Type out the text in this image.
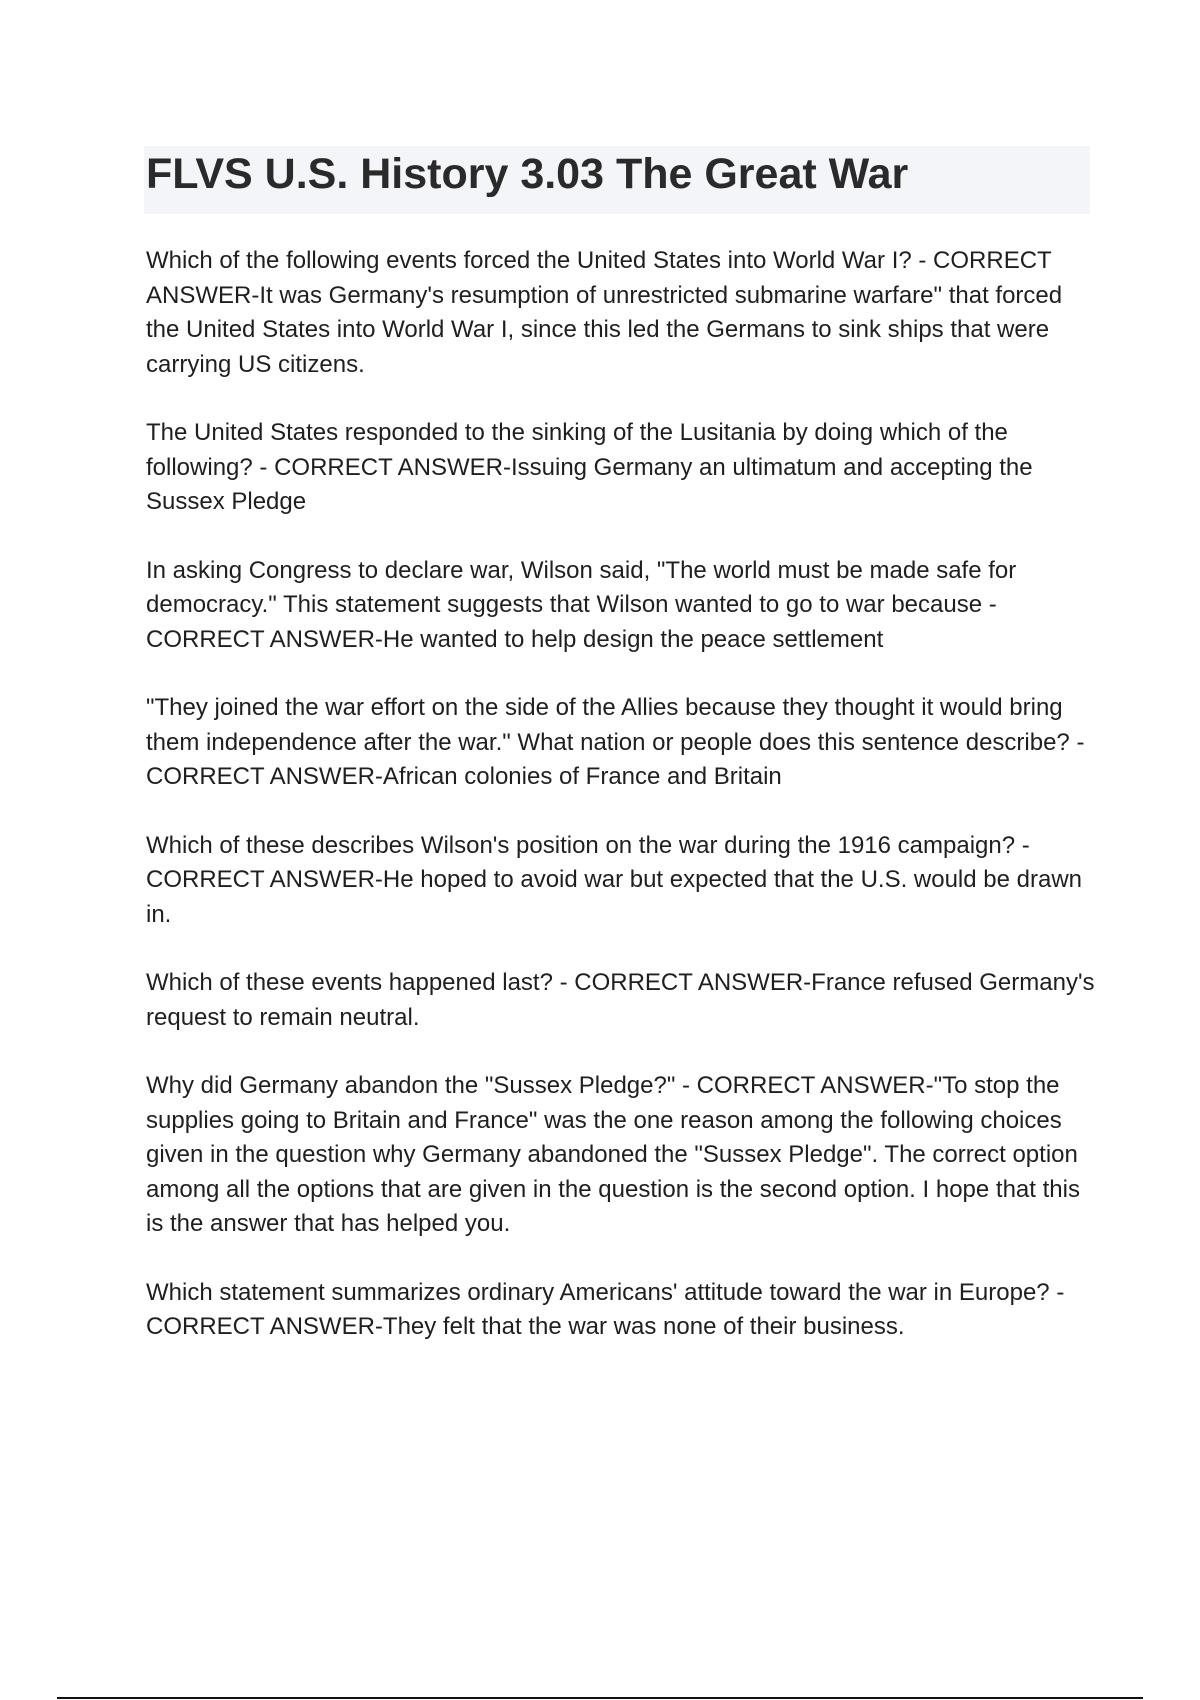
FLVS U.S. History 3.03 The Great War

Which of the following events forced the United States into World War I? - CORRECT ANSWER-It was Germany's resumption of unrestricted submarine warfare" that forced the United States into World War I, since this led the Germans to sink ships that were carrying US citizens.

The United States responded to the sinking of the Lusitania by doing which of the following? - CORRECT ANSWER-Issuing Germany an ultimatum and accepting the Sussex Pledge

In asking Congress to declare war, Wilson said, "The world must be made safe for democracy." This statement suggests that Wilson wanted to go to war because - CORRECT ANSWER-He wanted to help design the peace settlement

"They joined the war effort on the side of the Allies because they thought it would bring them independence after the war." What nation or people does this sentence describe? - CORRECT ANSWER-African colonies of France and Britain

Which of these describes Wilson's position on the war during the 1916 campaign? - CORRECT ANSWER-He hoped to avoid war but expected that the U.S. would be drawn in.

Which of these events happened last? - CORRECT ANSWER-France refused Germany's request to remain neutral.

Why did Germany abandon the "Sussex Pledge?" - CORRECT ANSWER-"To stop the supplies going to Britain and France" was the one reason among the following choices given in the question why Germany abandoned the "Sussex Pledge". The correct option among all the options that are given in the question is the second option. I hope that this is the answer that has helped you.

Which statement summarizes ordinary Americans' attitude toward the war in Europe? - CORRECT ANSWER-They felt that the war was none of their business.
